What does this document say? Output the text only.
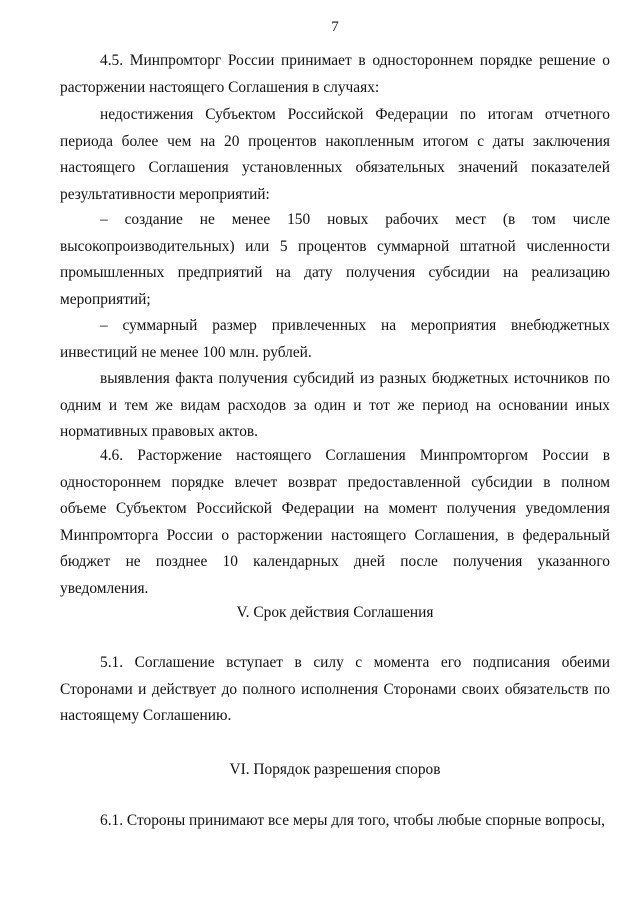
7

4.5. Минпромторг России принимает в одностороннем порядке решение о расторжении настоящего Соглашения в случаях:

недостижения Субъектом Российской Федерации по итогам отчетного периода более чем на 20 процентов накопленным итогом с даты заключения настоящего Соглашения установленных обязательных значений показателей результативности мероприятий:

– создание не менее 150 новых рабочих мест (в том числе высокопроизводительных) или 5 процентов суммарной штатной численности промышленных предприятий на дату получения субсидии на реализацию мероприятий;

– суммарный размер привлеченных на мероприятия внебюджетных инвестиций не менее 100 млн. рублей.

выявления факта получения субсидий из разных бюджетных источников по одним и тем же видам расходов за один и тот же период на основании иных нормативных правовых актов.

4.6. Расторжение настоящего Соглашения Минпромторгом России в одностороннем порядке влечет возврат предоставленной субсидии в полном объеме Субъектом Российской Федерации на момент получения уведомления Минпромторга России о расторжении настоящего Соглашения, в федеральный бюджет не позднее 10 календарных дней после получения указанного уведомления.

V. Срок действия Соглашения

5.1. Соглашение вступает в силу с момента его подписания обеими Сторонами и действует до полного исполнения Сторонами своих обязательств по настоящему Соглашению.

VI. Порядок разрешения споров

6.1. Стороны принимают все меры для того, чтобы любые спорные вопросы,
